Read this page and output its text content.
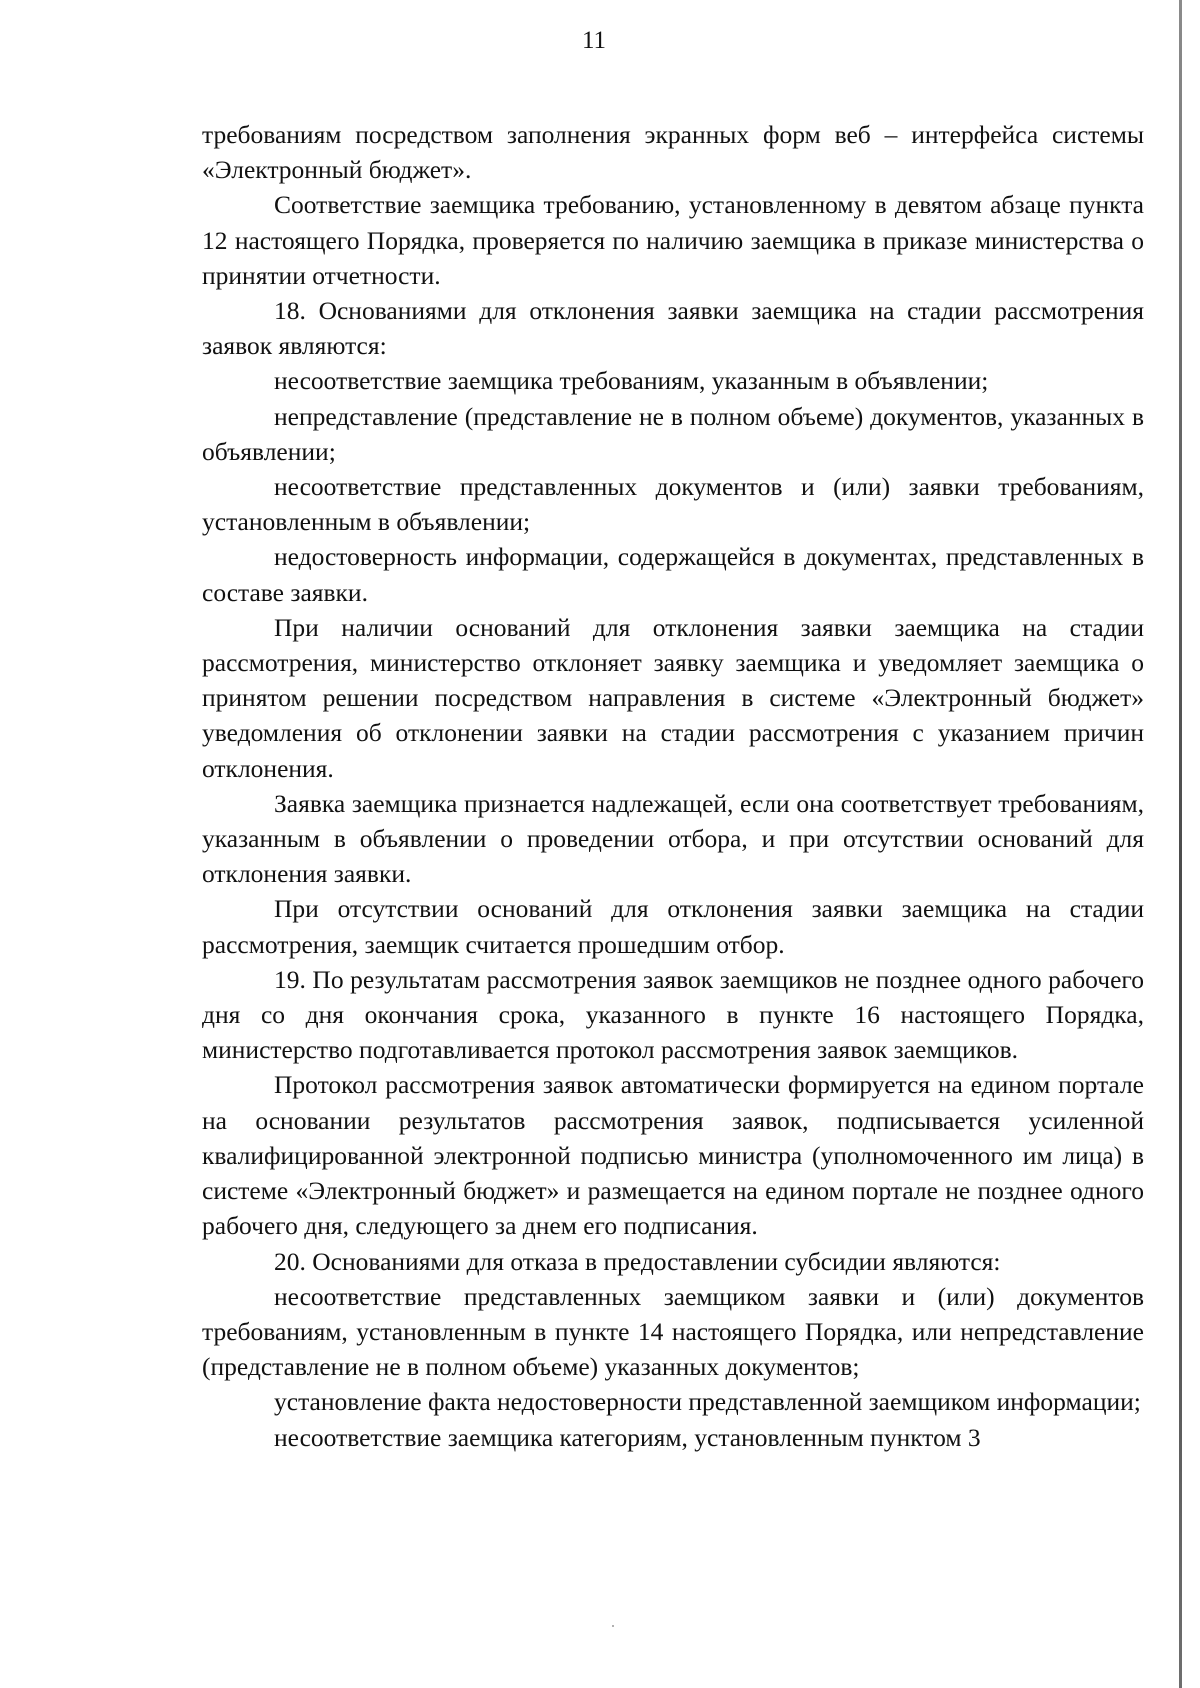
11

требованиям посредством заполнения экранных форм веб – интерфейса системы «Электронный бюджет».

Соответствие заемщика требованию, установленному в девятом абзаце пункта 12 настоящего Порядка, проверяется по наличию заемщика в приказе министерства о принятии отчетности.

18. Основаниями для отклонения заявки заемщика на стадии рассмотрения заявок являются:

несоответствие заемщика требованиям, указанным в объявлении;

непредставление (представление не в полном объеме) документов, указанных в объявлении;

несоответствие представленных документов и (или) заявки требованиям, установленным в объявлении;

недостоверность информации, содержащейся в документах, представленных в составе заявки.

При наличии оснований для отклонения заявки заемщика на стадии рассмотрения, министерство отклоняет заявку заемщика и уведомляет заемщика о принятом решении посредством направления в системе «Электронный бюджет» уведомления об отклонении заявки на стадии рассмотрения с указанием причин отклонения.

Заявка заемщика признается надлежащей, если она соответствует требованиям, указанным в объявлении о проведении отбора, и при отсутствии оснований для отклонения заявки.

При отсутствии оснований для отклонения заявки заемщика на стадии рассмотрения, заемщик считается прошедшим отбор.

19. По результатам рассмотрения заявок заемщиков не позднее одного рабочего дня со дня окончания срока, указанного в пункте 16 настоящего Порядка, министерство подготавливается протокол рассмотрения заявок заемщиков.

Протокол рассмотрения заявок автоматически формируется на едином портале на основании результатов рассмотрения заявок, подписывается усиленной квалифицированной электронной подписью министра (уполномоченного им лица) в системе «Электронный бюджет» и размещается на едином портале не позднее одного рабочего дня, следующего за днем его подписания.

20. Основаниями для отказа в предоставлении субсидии являются:

несоответствие представленных заемщиком заявки и (или) документов требованиям, установленным в пункте 14 настоящего Порядка, или непредставление (представление не в полном объеме) указанных документов;

установление факта недостоверности представленной заемщиком информации;

несоответствие заемщика категориям, установленным пунктом 3
